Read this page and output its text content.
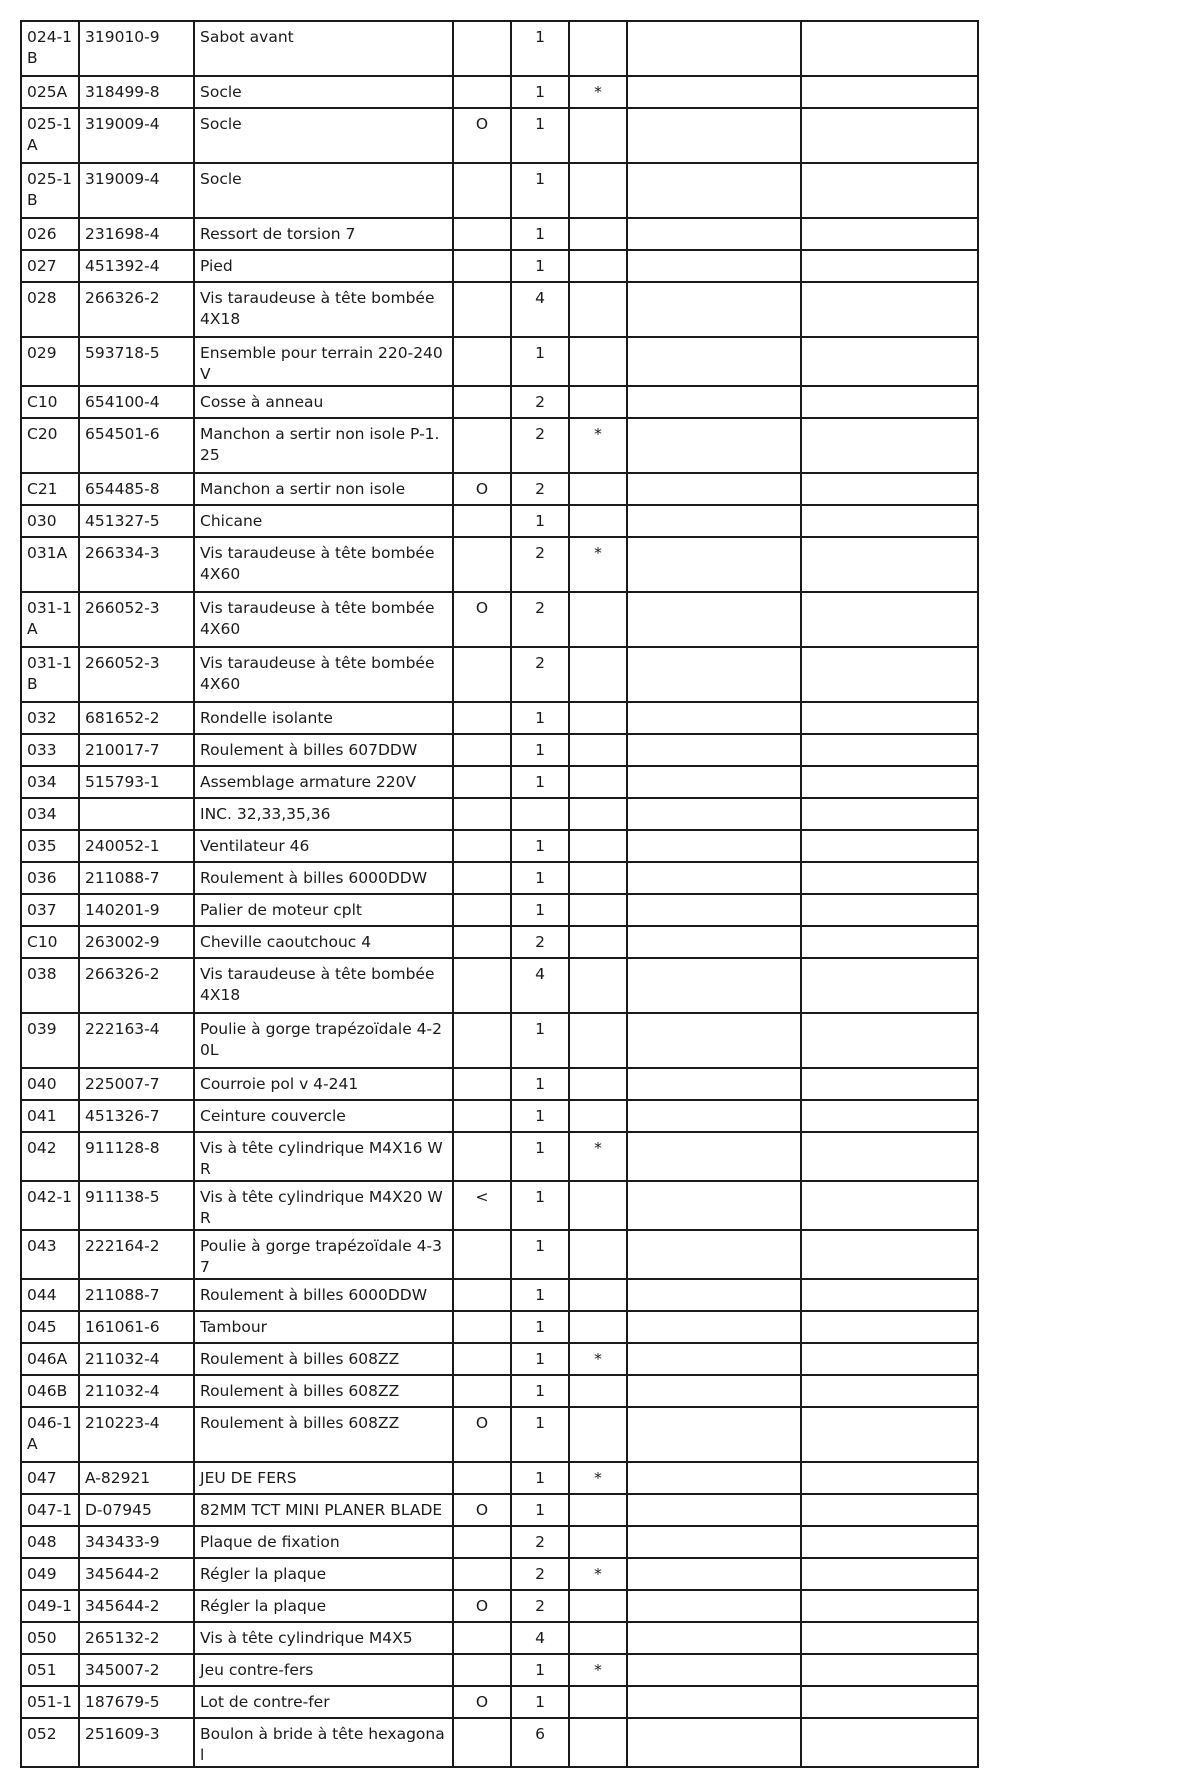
024-1B	319010-9	Sabot avant		1			
025A	318499-8	Socle		1	*		
025-1A	319009-4	Socle	O	1			
025-1B	319009-4	Socle		1			
026	231698-4	Ressort de torsion 7		1			
027	451392-4	Pied		1			
028	266326-2	Vis taraudeuse à tête bombée 4X18		4			
029	593718-5	Ensemble pour terrain 220-240V		1			
C10	654100-4	Cosse à anneau		2			
C20	654501-6	Manchon a sertir non isole P-1.25		2	*		
C21	654485-8	Manchon a sertir non isole	O	2			
030	451327-5	Chicane		1			
031A	266334-3	Vis taraudeuse à tête bombée 4X60		2	*		
031-1A	266052-3	Vis taraudeuse à tête bombée 4X60	O	2			
031-1B	266052-3	Vis taraudeuse à tête bombée 4X60		2			
032	681652-2	Rondelle isolante		1			
033	210017-7	Roulement à billes 607DDW		1			
034	515793-1	Assemblage armature 220V		1			
034		INC. 32,33,35,36					
035	240052-1	Ventilateur 46		1			
036	211088-7	Roulement à billes 6000DDW		1			
037	140201-9	Palier de moteur cplt		1			
C10	263002-9	Cheville caoutchouc 4		2			
038	266326-2	Vis taraudeuse à tête bombée 4X18		4			
039	222163-4	Poulie à gorge trapézoïdale 4-20L		1			
040	225007-7	Courroie pol v 4-241		1			
041	451326-7	Ceinture couvercle		1			
042	911128-8	Vis à tête cylindrique M4X16 WR		1	*		
042-1	911138-5	Vis à tête cylindrique M4X20 WR	<	1			
043	222164-2	Poulie à gorge trapézoïdale 4-37		1			
044	211088-7	Roulement à billes 6000DDW		1			
045	161061-6	Tambour		1			
046A	211032-4	Roulement à billes 608ZZ		1	*		
046B	211032-4	Roulement à billes 608ZZ		1			
046-1A	210223-4	Roulement à billes 608ZZ	O	1			
047	A-82921	JEU DE FERS		1	*		
047-1	D-07945	82MM TCT MINI PLANER BLADE	O	1			
048	343433-9	Plaque de fixation		2			
049	345644-2	Régler la plaque		2	*		
049-1	345644-2	Régler la plaque	O	2			
050	265132-2	Vis à tête cylindrique M4X5		4			
051	345007-2	Jeu contre-fers		1	*		
051-1	187679-5	Lot de contre-fer	O	1			
052	251609-3	Boulon à bride à tête hexagonal		6			
